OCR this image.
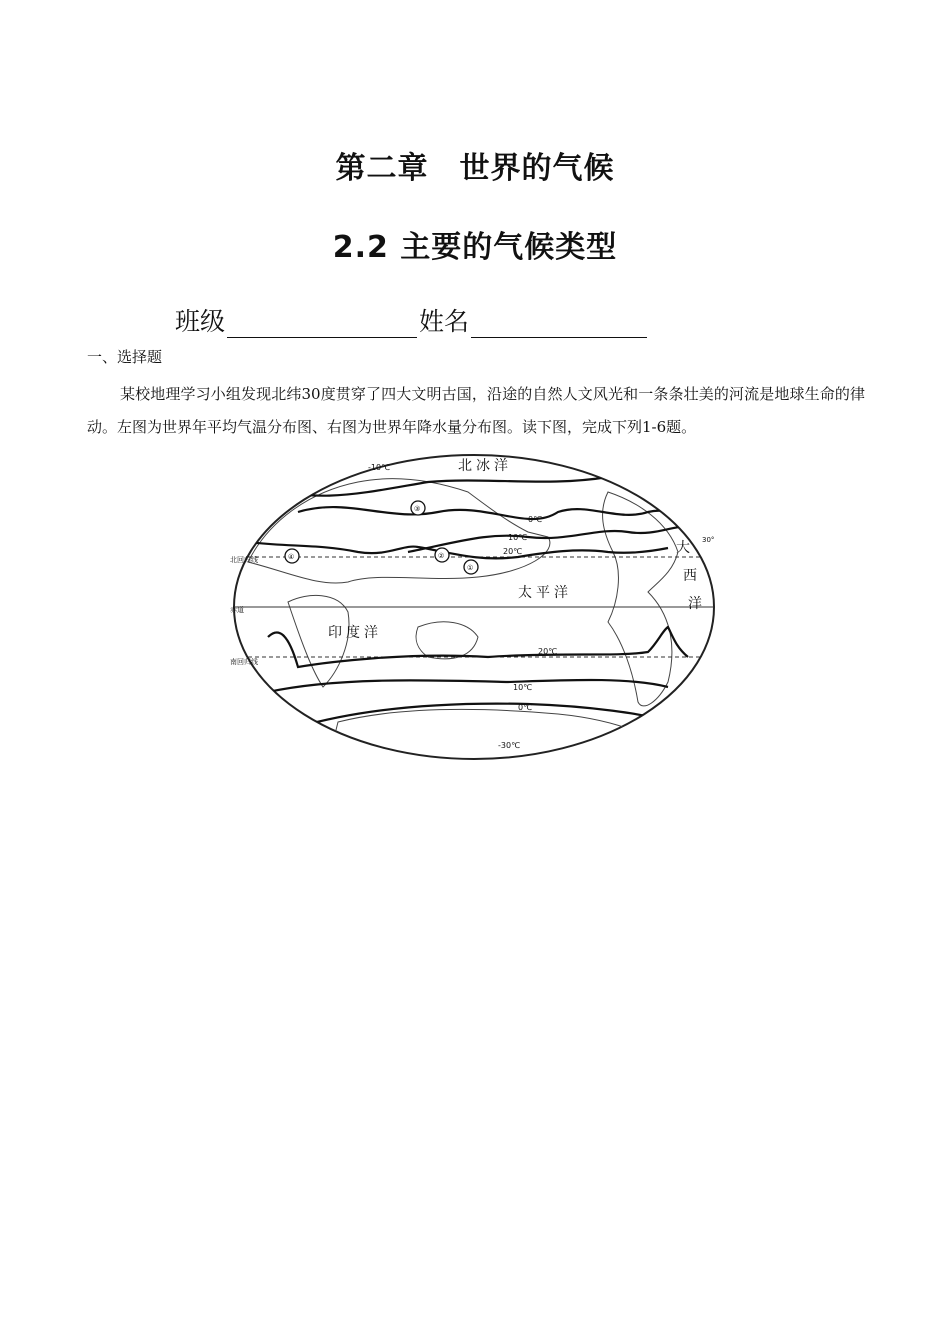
第二章　世界的气候
2.2 主要的气候类型
班级	姓名
一、选择题
某校地理学习小组发现北纬30度贯穿了四大文明古国，沿途的自然人文风光和一条条壮美的河流是地球生命的律动。左图为世界年平均气温分布图、右图为世界年降水量分布图。读下图，完成下列1-6题。
北冰洋
太平洋
印度洋
大
西
洋
赤道
北回归线
南回归线
30°
-10℃
0℃
10℃
20℃
20℃
10℃
0℃
-30℃
①
②
③
④
